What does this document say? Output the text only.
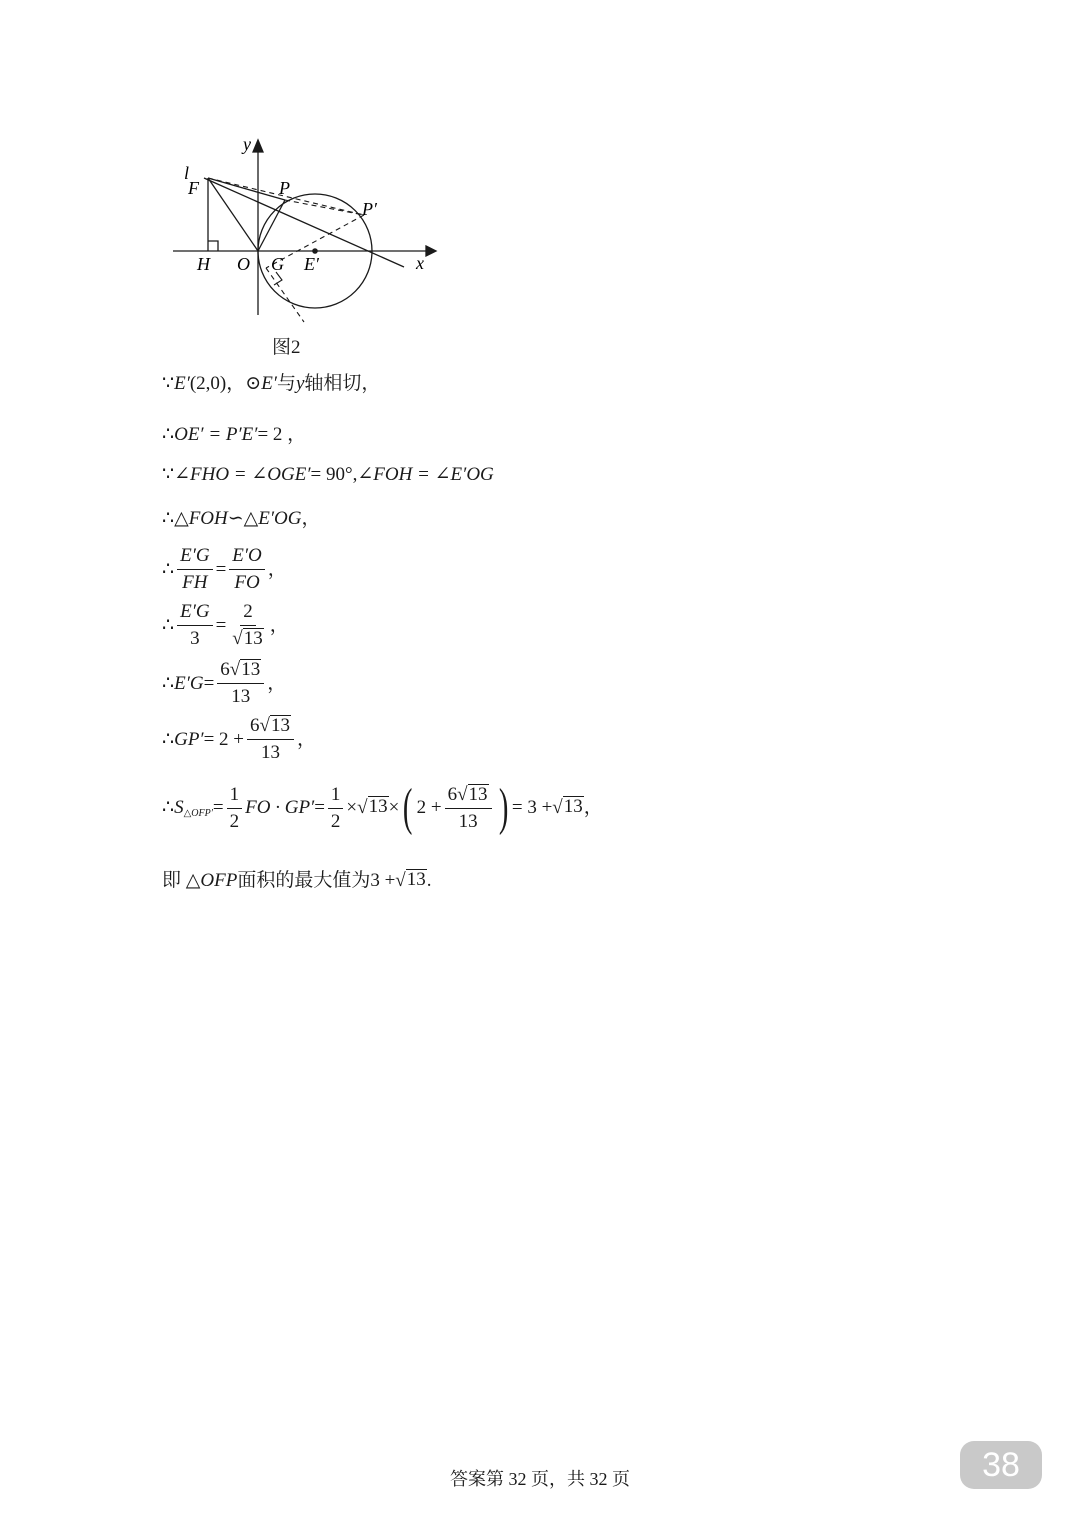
y
x
l
F	P
P′
H O G E′
图2
∵ E′ (2,0) ， ⊙ E′ 与 y 轴相切，
∴ OE′ = P′E′ = 2 ，
∵ ∠FHO = ∠OGE′ = 90°, ∠FOH = ∠E′OG
∴ △FOH∽△E′OG ，
∴ $\frac{E'G}{FH} = \frac{E'O}{FO}$ ，
∴ $\frac{E'G}{3} = \frac{2}{√ 13}$ ，
∴ $E'G = \frac{6 √ 13}{13}$ ，
∴ $GP' = 2 + \frac{6 √ 13}{13}$ ，
∴ S △OFP′ = $\frac{1}{2}$ FO · $GP' = \frac{1}{2}$ × √ 13 × ( $2 + \frac{6 √ 13}{13}$ ) = 3 + √ 13 ，
即 △ OFP 面积的最大值为 3 + √ 13 .
答案第 32 页，共 32 页	38
